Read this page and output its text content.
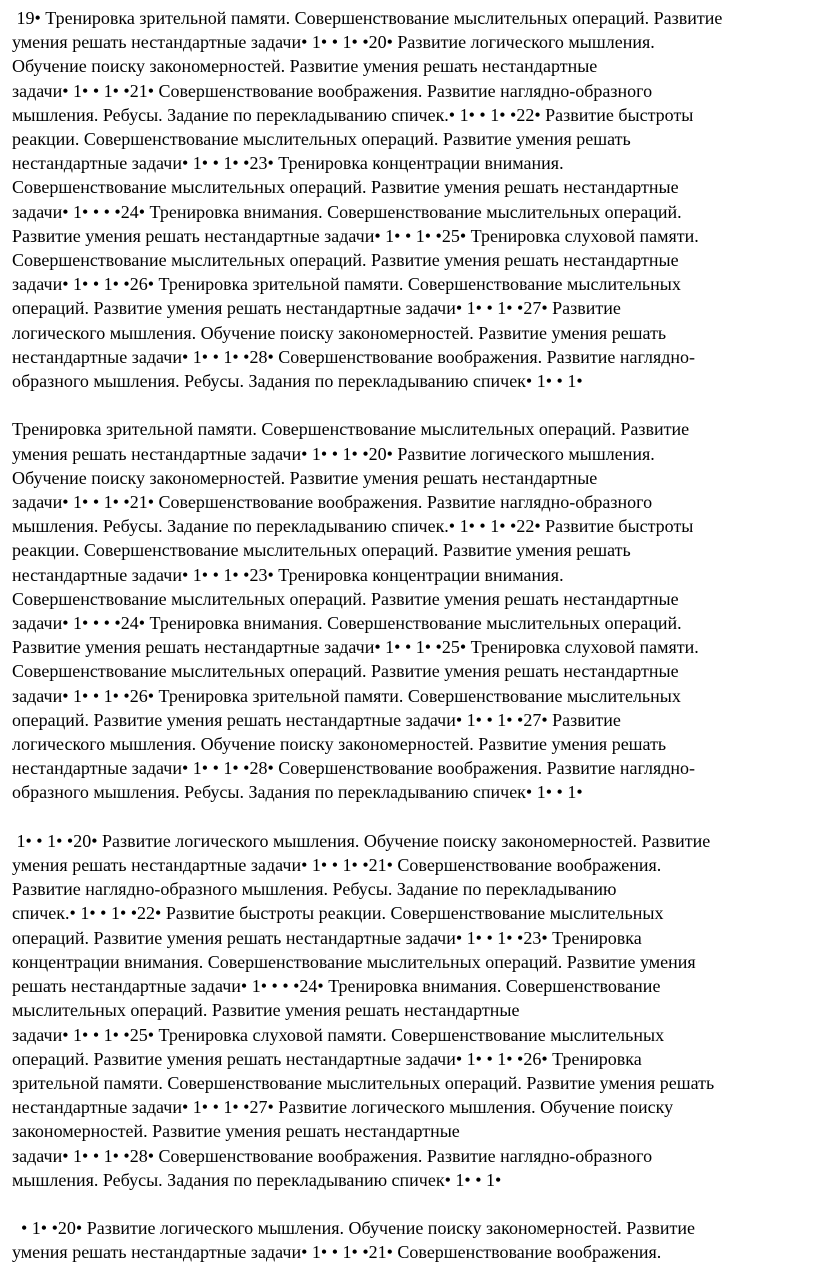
19• Тренировка зрительной памяти. Совершенствование мыслительных операций. Развитие
умения решать нестандартные задачи• 1• • 1• •20• Развитие логического мышления.
Обучение поиску закономерностей. Развитие умения решать нестандартные
задачи• 1• • 1• •21• Совершенствование воображения. Развитие наглядно-образного
мышления. Ребусы. Задание по перекладыванию спичек.• 1• • 1• •22• Развитие быстроты
реакции. Совершенствование мыслительных операций. Развитие умения решать
нестандартные задачи• 1• • 1• •23• Тренировка концентрации внимания.
Совершенствование мыслительных операций. Развитие умения решать нестандартные
задачи• 1• • • •24• Тренировка внимания. Совершенствование мыслительных операций.
Развитие умения решать нестандартные задачи• 1• • 1• •25• Тренировка слуховой памяти.
Совершенствование мыслительных операций. Развитие умения решать нестандартные
задачи• 1• • 1• •26• Тренировка зрительной памяти. Совершенствование мыслительных
операций. Развитие умения решать нестандартные задачи• 1• • 1• •27• Развитие
логического мышления. Обучение поиску закономерностей. Развитие умения решать
нестандартные задачи• 1• • 1• •28• Совершенствование воображения. Развитие наглядно-
образного мышления. Ребусы. Задания по перекладыванию спичек• 1• • 1•
Тренировка зрительной памяти. Совершенствование мыслительных операций. Развитие
умения решать нестандартные задачи• 1• • 1• •20• Развитие логического мышления.
Обучение поиску закономерностей. Развитие умения решать нестандартные
задачи• 1• • 1• •21• Совершенствование воображения. Развитие наглядно-образного
мышления. Ребусы. Задание по перекладыванию спичек.• 1• • 1• •22• Развитие быстроты
реакции. Совершенствование мыслительных операций. Развитие умения решать
нестандартные задачи• 1• • 1• •23• Тренировка концентрации внимания.
Совершенствование мыслительных операций. Развитие умения решать нестандартные
задачи• 1• • • •24• Тренировка внимания. Совершенствование мыслительных операций.
Развитие умения решать нестандартные задачи• 1• • 1• •25• Тренировка слуховой памяти.
Совершенствование мыслительных операций. Развитие умения решать нестандартные
задачи• 1• • 1• •26• Тренировка зрительной памяти. Совершенствование мыслительных
операций. Развитие умения решать нестандартные задачи• 1• • 1• •27• Развитие
логического мышления. Обучение поиску закономерностей. Развитие умения решать
нестандартные задачи• 1• • 1• •28• Совершенствование воображения. Развитие наглядно-
образного мышления. Ребусы. Задания по перекладыванию спичек• 1• • 1•
1• • 1• •20• Развитие логического мышления. Обучение поиску закономерностей. Развитие
умения решать нестандартные задачи• 1• • 1• •21• Совершенствование воображения.
Развитие наглядно-образного мышления. Ребусы. Задание по перекладыванию
спичек.• 1• • 1• •22• Развитие быстроты реакции. Совершенствование мыслительных
операций. Развитие умения решать нестандартные задачи• 1• • 1• •23• Тренировка
концентрации внимания. Совершенствование мыслительных операций. Развитие умения
решать нестандартные задачи• 1• • • •24• Тренировка внимания. Совершенствование
мыслительных операций. Развитие умения решать нестандартные
задачи• 1• • 1• •25• Тренировка слуховой памяти. Совершенствование мыслительных
операций. Развитие умения решать нестандартные задачи• 1• • 1• •26• Тренировка
зрительной памяти. Совершенствование мыслительных операций. Развитие умения решать
нестандартные задачи• 1• • 1• •27• Развитие логического мышления. Обучение поиску
закономерностей. Развитие умения решать нестандартные
задачи• 1• • 1• •28• Совершенствование воображения. Развитие наглядно-образного
мышления. Ребусы. Задания по перекладыванию спичек• 1• • 1•
• 1• •20• Развитие логического мышления. Обучение поиску закономерностей. Развитие
умения решать нестандартные задачи• 1• • 1• •21• Совершенствование воображения.
